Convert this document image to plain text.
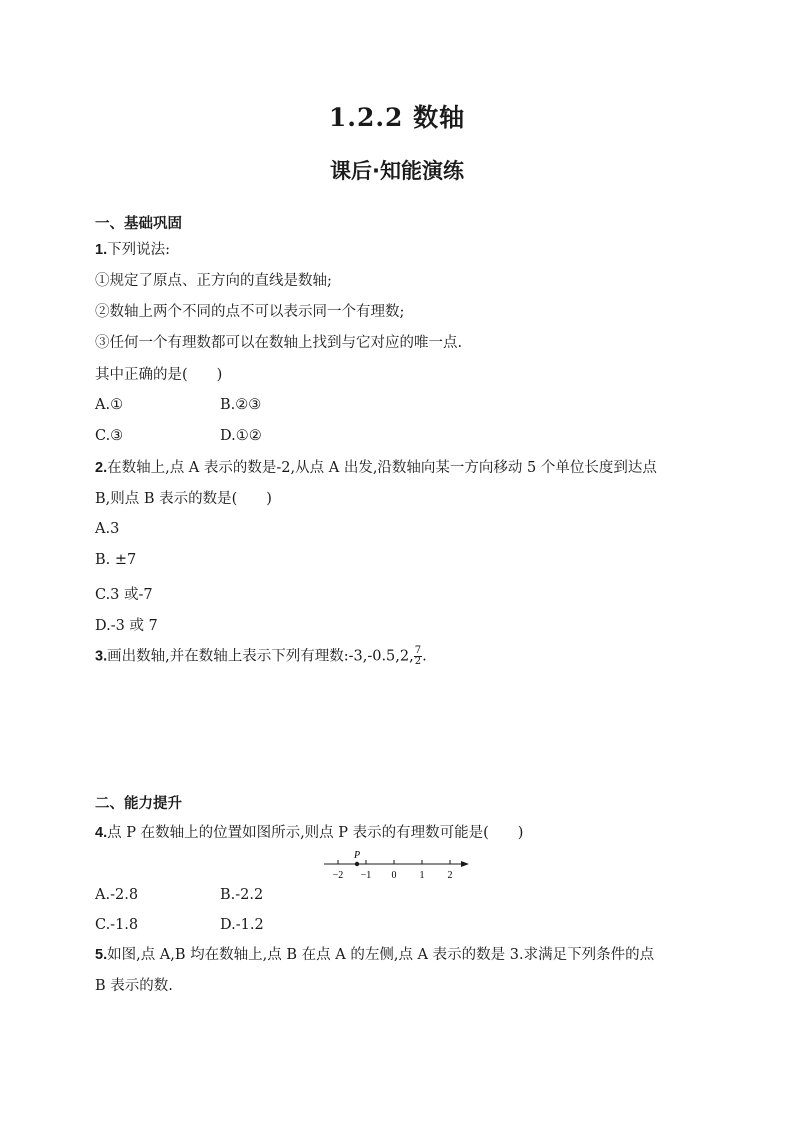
1.2.2 数轴
课后·知能演练
一、基础巩固
1.下列说法:
①规定了原点、正方向的直线是数轴;
②数轴上两个不同的点不可以表示同一个有理数;
③任何一个有理数都可以在数轴上找到与它对应的唯一点.
其中正确的是(　　)
A.①	B.②③
C.③	D.①②
2.在数轴上,点 A 表示的数是-2,从点 A 出发,沿数轴向某一方向移动 5 个单位长度到达点
B,则点 B 表示的数是(　　)
A.3
B. ±7
C.3 或-7
D.-3 或 7
3.画出数轴,并在数轴上表示下列有理数:-3,-0.5,2, $\frac{7}{2}$ .
二、能力提升
4.点 P 在数轴上的位置如图所示,则点 P 表示的有理数可能是(　　)
P
−2 −1 0 1 2
A.-2.8	B.-2.2
C.-1.8	D.-1.2
5.如图,点 A,B 均在数轴上,点 B 在点 A 的左侧,点 A 表示的数是 3.求满足下列条件的点
B 表示的数.
